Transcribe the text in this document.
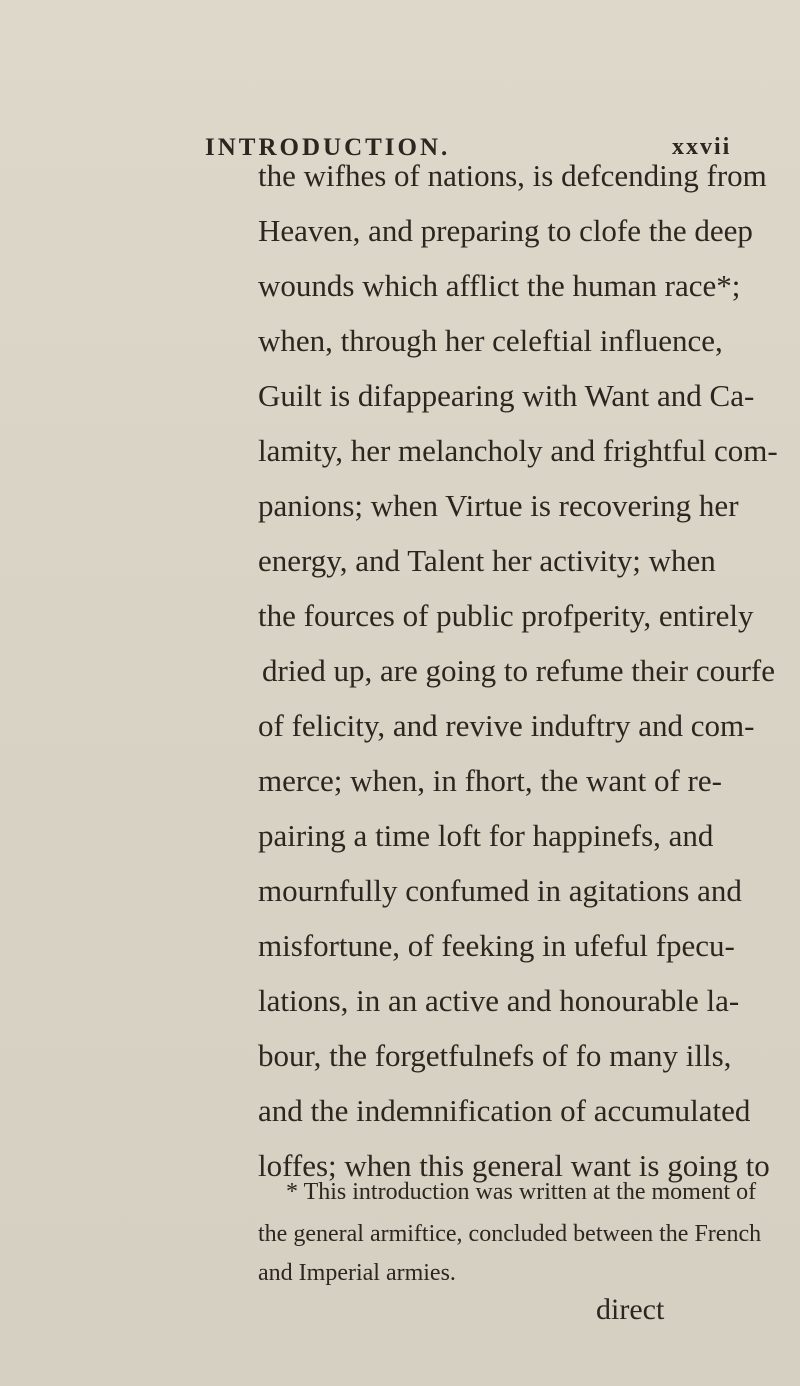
INTRODUCTION.	xxvii
the wifhes of nations, is defcending from
Heaven, and preparing to clofe the deep
wounds which afflict the human race*;
when, through her celeftial influence,
Guilt is difappearing with Want and Ca-
lamity, her melancholy and frightful com-
panions; when Virtue is recovering her
energy, and Talent her activity; when
the fources of public profperity, entirely
dried up, are going to refume their courfe
of felicity, and revive induftry and com-
merce; when, in fhort, the want of re-
pairing a time loft for happinefs, and
mournfully confumed in agitations and
misfortune, of feeking in ufeful fpecu-
lations, in an active and honourable la-
bour, the forgetfulnefs of fo many ills,
and the indemnification of accumulated
loffes; when this general want is going to
* This introduction was written at the moment of
the general armiftice, concluded between the French
and Imperial armies.
direct
